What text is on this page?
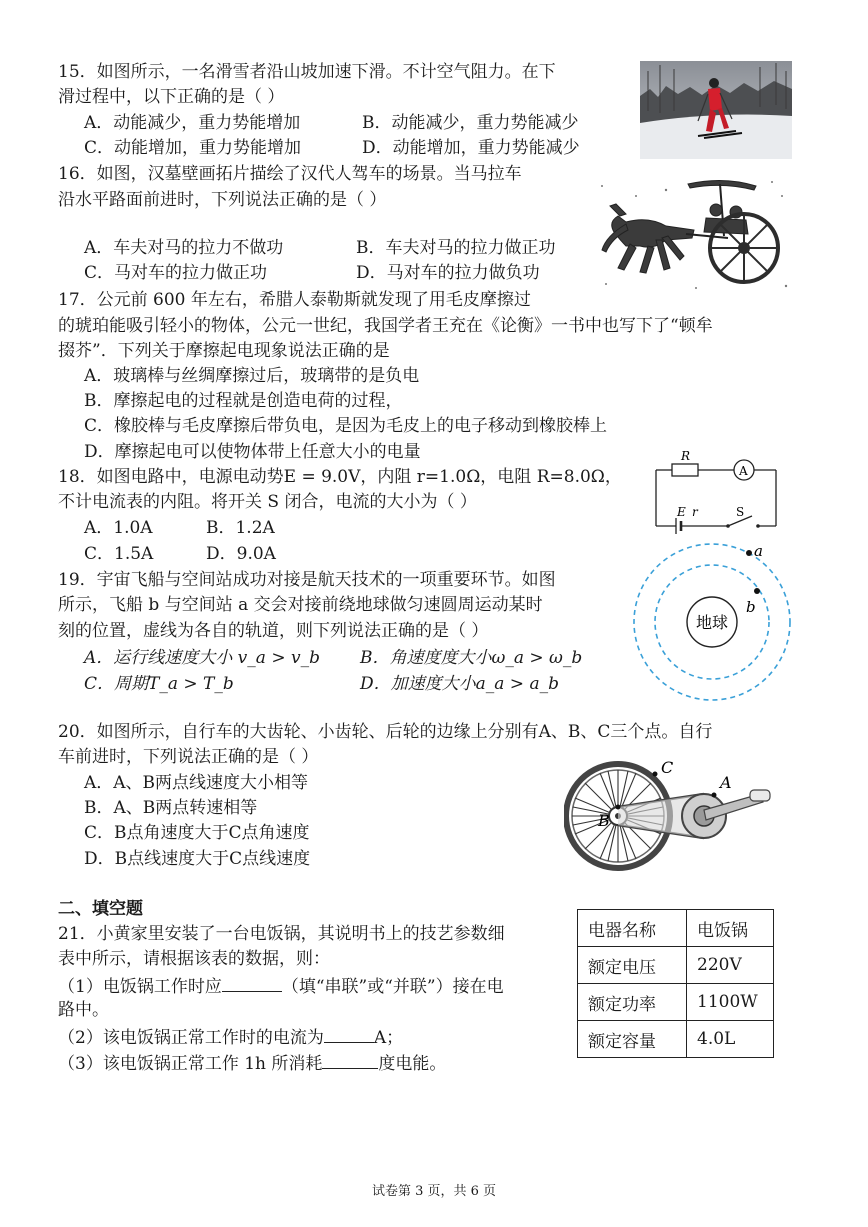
15．如图所示，一名滑雪者沿山坡加速下滑。不计空气阻力。在下
滑过程中，以下正确的是（ ）
A．动能减少，重力势能增加	B．动能减少，重力势能减少
C．动能增加，重力势能增加	D．动能增加，重力势能减少
16．如图，汉墓壁画拓片描绘了汉代人驾车的场景。当马拉车
沿水平路面前进时，下列说法正确的是（ ）
A．车夫对马的拉力不做功	B．车夫对马的拉力做正功
C．马对车的拉力做正功	D．马对车的拉力做负功
17．公元前 600 年左右，希腊人泰勒斯就发现了用毛皮摩擦过
的琥珀能吸引轻小的物体，公元一世纪，我国学者王充在《论衡》一书中也写下了“顿牟
掇芥”．下列关于摩擦起电现象说法正确的是
A．玻璃棒与丝绸摩擦过后，玻璃带的是负电
B．摩擦起电的过程就是创造电荷的过程，
C．橡胶棒与毛皮摩擦后带负电，是因为毛皮上的电子移动到橡胶棒上
D．摩擦起电可以使物体带上任意大小的电量
18．如图电路中，电源电动势E = 9.0V，内阻 r=1.0Ω，电阻 R=8.0Ω，
不计电流表的内阻。将开关 S 闭合，电流的大小为（ ）
A．1.0A	B．1.2A
C．1.5A	D．9.0A
R
A
E r	S
19．宇宙飞船与空间站成功对接是航天技术的一项重要环节。如图
所示，飞船 b 与空间站 a 交会对接前绕地球做匀速圆周运动某时
刻的位置，虚线为各自的轨道，则下列说法正确的是（ ）
A．运行线速度大小 v_a > v_b B．角速度度大小ω_a > ω_b
C．周期T_a > T_b	D．加速度大小a_a > a_b
地球
a
b
20．如图所示，自行车的大齿轮、小齿轮、后轮的边缘上分别有A、B、C三个点。自行
车前进时，下列说法正确的是（ ）
A．A、B两点线速度大小相等
B．A、B两点转速相等
C．B点角速度大于C点角速度
D．B点线速度大于C点线速度
C
A
B
二、填空题
21．小黄家里安装了一台电饭锅，其说明书上的技艺参数细
表中所示，请根据该表的数据，则：
（1）电饭锅工作时应	（填“串联”或“并联”）接在电
路中。
（2）该电饭锅正常工作时的电流为	A；
（3）该电饭锅正常工作 1h 所消耗	度电能。
电器名称	电饭锅
额定电压	220V
额定功率	1100W
额定容量	4.0L
试卷第 3 页，共 6 页
